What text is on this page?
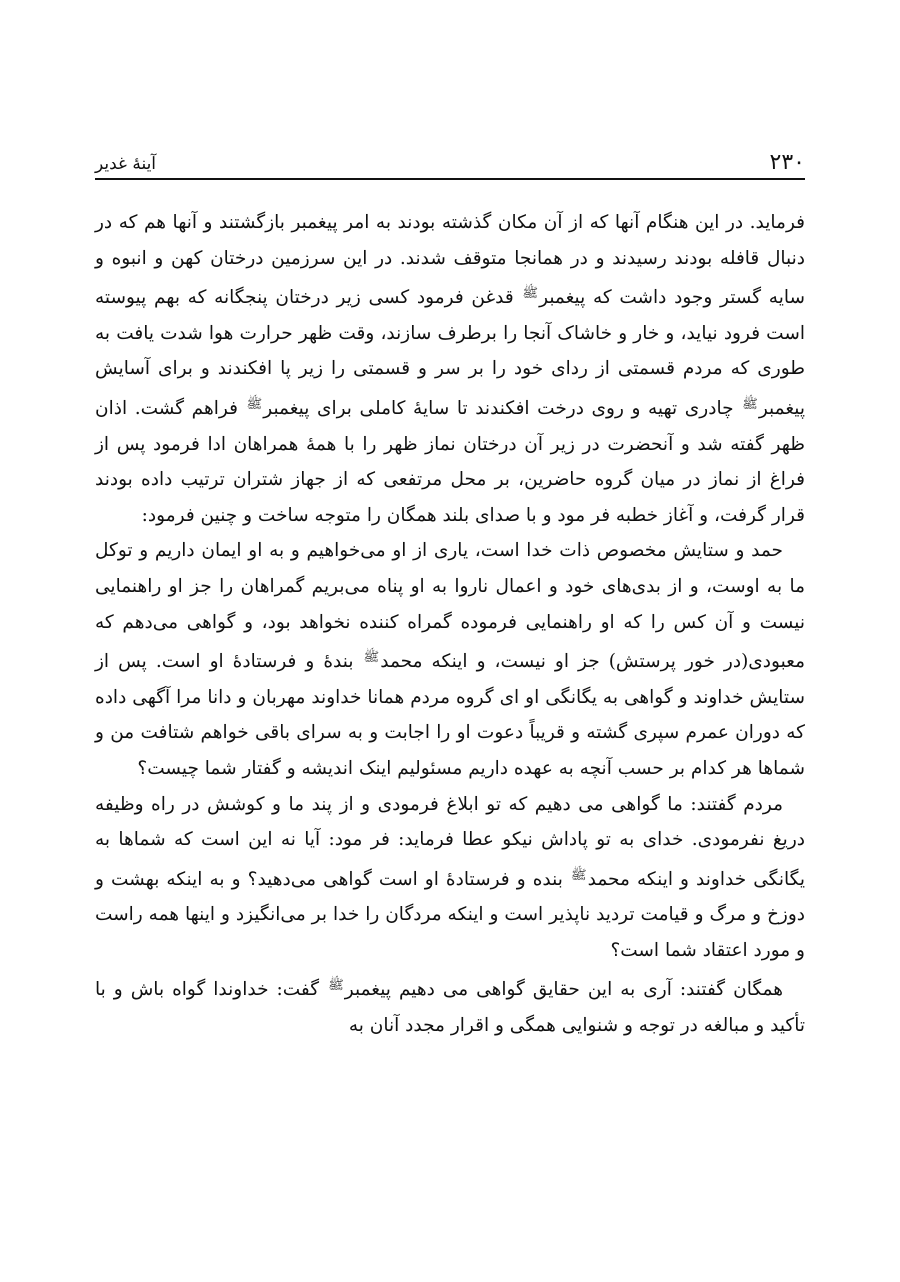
۲۳۰
آینهٔ غدیر

فرماید. در این هنگام آنها که از آن مکان گذشته بودند به امر پیغمبر بازگشتند و آنها هم که در دنبال قافله بودند رسیدند و در همانجا متوقف شدند. در این سرزمین درختان کهن و انبوه و سایه گستر وجود داشت که پیغمبر$^ﷺ$ قدغن فرمود کسی زیر درختان پنجگانه که بهم پیوسته است فرود نیاید، و خار و خاشاک آنجا را برطرف سازند، وقت ظهر حرارت هوا شدت یافت به طوری که مردم قسمتی از ردای خود را بر سر و قسمتی را زیر پا افکندند و برای آسایش پیغمبر$^ﷺ$ چادری تهیه و روی درخت افکندند تا سایهٔ کاملی برای پیغمبر$^ﷺ$ فراهم گشت. اذان ظهر گفته شد و آنحضرت در زیر آن درختان نماز ظهر را با همهٔ همراهان ادا فرمود پس از فراغ از نماز در میان گروه حاضرین، بر محل مرتفعی که از جهاز شتران ترتیب داده بودند قرار گرفت، و آغاز خطبه فر مود و با صدای بلند همگان را متوجه ساخت و چنین فرمود:

حمد و ستایش مخصوص ذات خدا است، یاری از او می‌خواهیم و به او ایمان داریم و توکل ما به اوست، و از بدی‌های خود و اعمال ناروا به او پناه می‌بریم گمراهان را جز او راهنمایی نیست و آن کس را که او راهنمایی فرموده گمراه کننده نخواهد بود، و گواهی می‌دهم که معبودی(در خور پرستش) جز او نیست، و اینکه محمد$^ﷺ$ بندهٔ و فرستادهٔ او است. پس از ستایش خداوند و گواهی به یگانگی او ای گروه مردم همانا خداوند مهربان و دانا مرا آگهی داده که دوران عمرم سپری گشته و قریباً دعوت او را اجابت و به سرای باقی خواهم شتافت من و شماها هر کدام بر حسب آنچه به عهده داریم مسئولیم اینک اندیشه و گفتار شما چیست؟

مردم گفتند: ما گواهی می دهیم که تو ابلاغ فرمودی و از پند ما و کوشش در راه وظیفه دریغ نفرمودی. خدای به تو پاداش نیکو عطا فرماید: فر مود: آیا نه این است که شماها به یگانگی خداوند و اینکه محمد$^ﷺ$ بنده و فرستادهٔ او است گواهی می‌دهید؟ و به اینکه بهشت و دوزخ و مرگ و قیامت تردید ناپذیر است و اینکه مردگان را خدا بر می‌انگیزد و اینها همه راست و مورد اعتقاد شما است؟

همگان گفتند: آری به این حقایق گواهی می دهیم پیغمبر$^ﷺ$ گفت: خداوندا گواه باش و با تأکید و مبالغه در توجه و شنوایی همگی و اقرار مجدد آنان به
